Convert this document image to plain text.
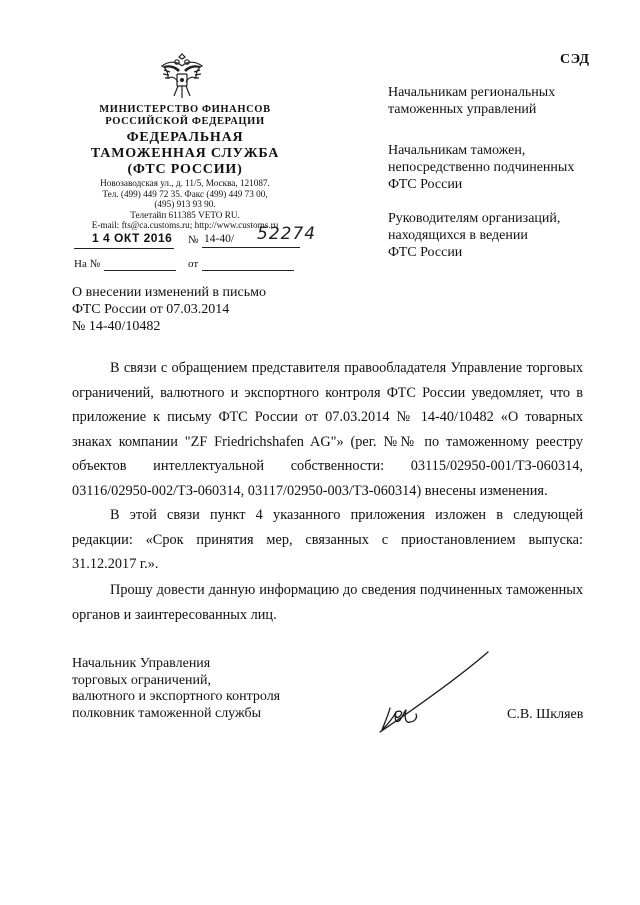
СЭД
МИНИСТЕРСТВО ФИНАНСОВ
РОССИЙСКОЙ ФЕДЕРАЦИИ
ФЕДЕРАЛЬНАЯ
ТАМОЖЕННАЯ СЛУЖБА
(ФТС РОССИИ)
Новозаводская ул., д. 11/5, Москва, 121087.
Тел. (499) 449 72 35. Факс (499) 449 73 00,
(495) 913 93 90.
Телетайп 611385 VETO RU.
E-mail: fts@ca.customs.ru; http://www.customs.ru
1 4 ОКТ 2016 № 14-40/ 52274
На №	от
О внесении изменений в письмо
ФТС России от 07.03.2014
№ 14-40/10482
Начальникам региональных
таможенных управлений
Начальникам таможен,
непосредственно подчиненных
ФТС России
Руководителям организаций,
находящихся в ведении
ФТС России
В связи с обращением представителя правообладателя Управление торговых ограничений, валютного и экспортного контроля ФТС России уведомляет, что в приложение к письму ФТС России от 07.03.2014 № 14-40/10482 «О товарных знаках компании "ZF Friedrichshafen AG"» (рег. №№ по таможенному реестру объектов интеллектуальной собственности: 03115/02950-001/ТЗ-060314, 03116/02950-002/ТЗ-060314, 03117/02950-003/ТЗ-060314) внесены изменения.
В этой связи пункт 4 указанного приложения изложен в следующей редакции: «Срок принятия мер, связанных с приостановлением выпуска: 31.12.2017 г.».
Прошу довести данную информацию до сведения подчиненных таможенных органов и заинтересованных лиц.
Начальник Управления
торговых ограничений,
валютного и экспортного контроля
полковник таможенной службы	С.В. Шкляев
